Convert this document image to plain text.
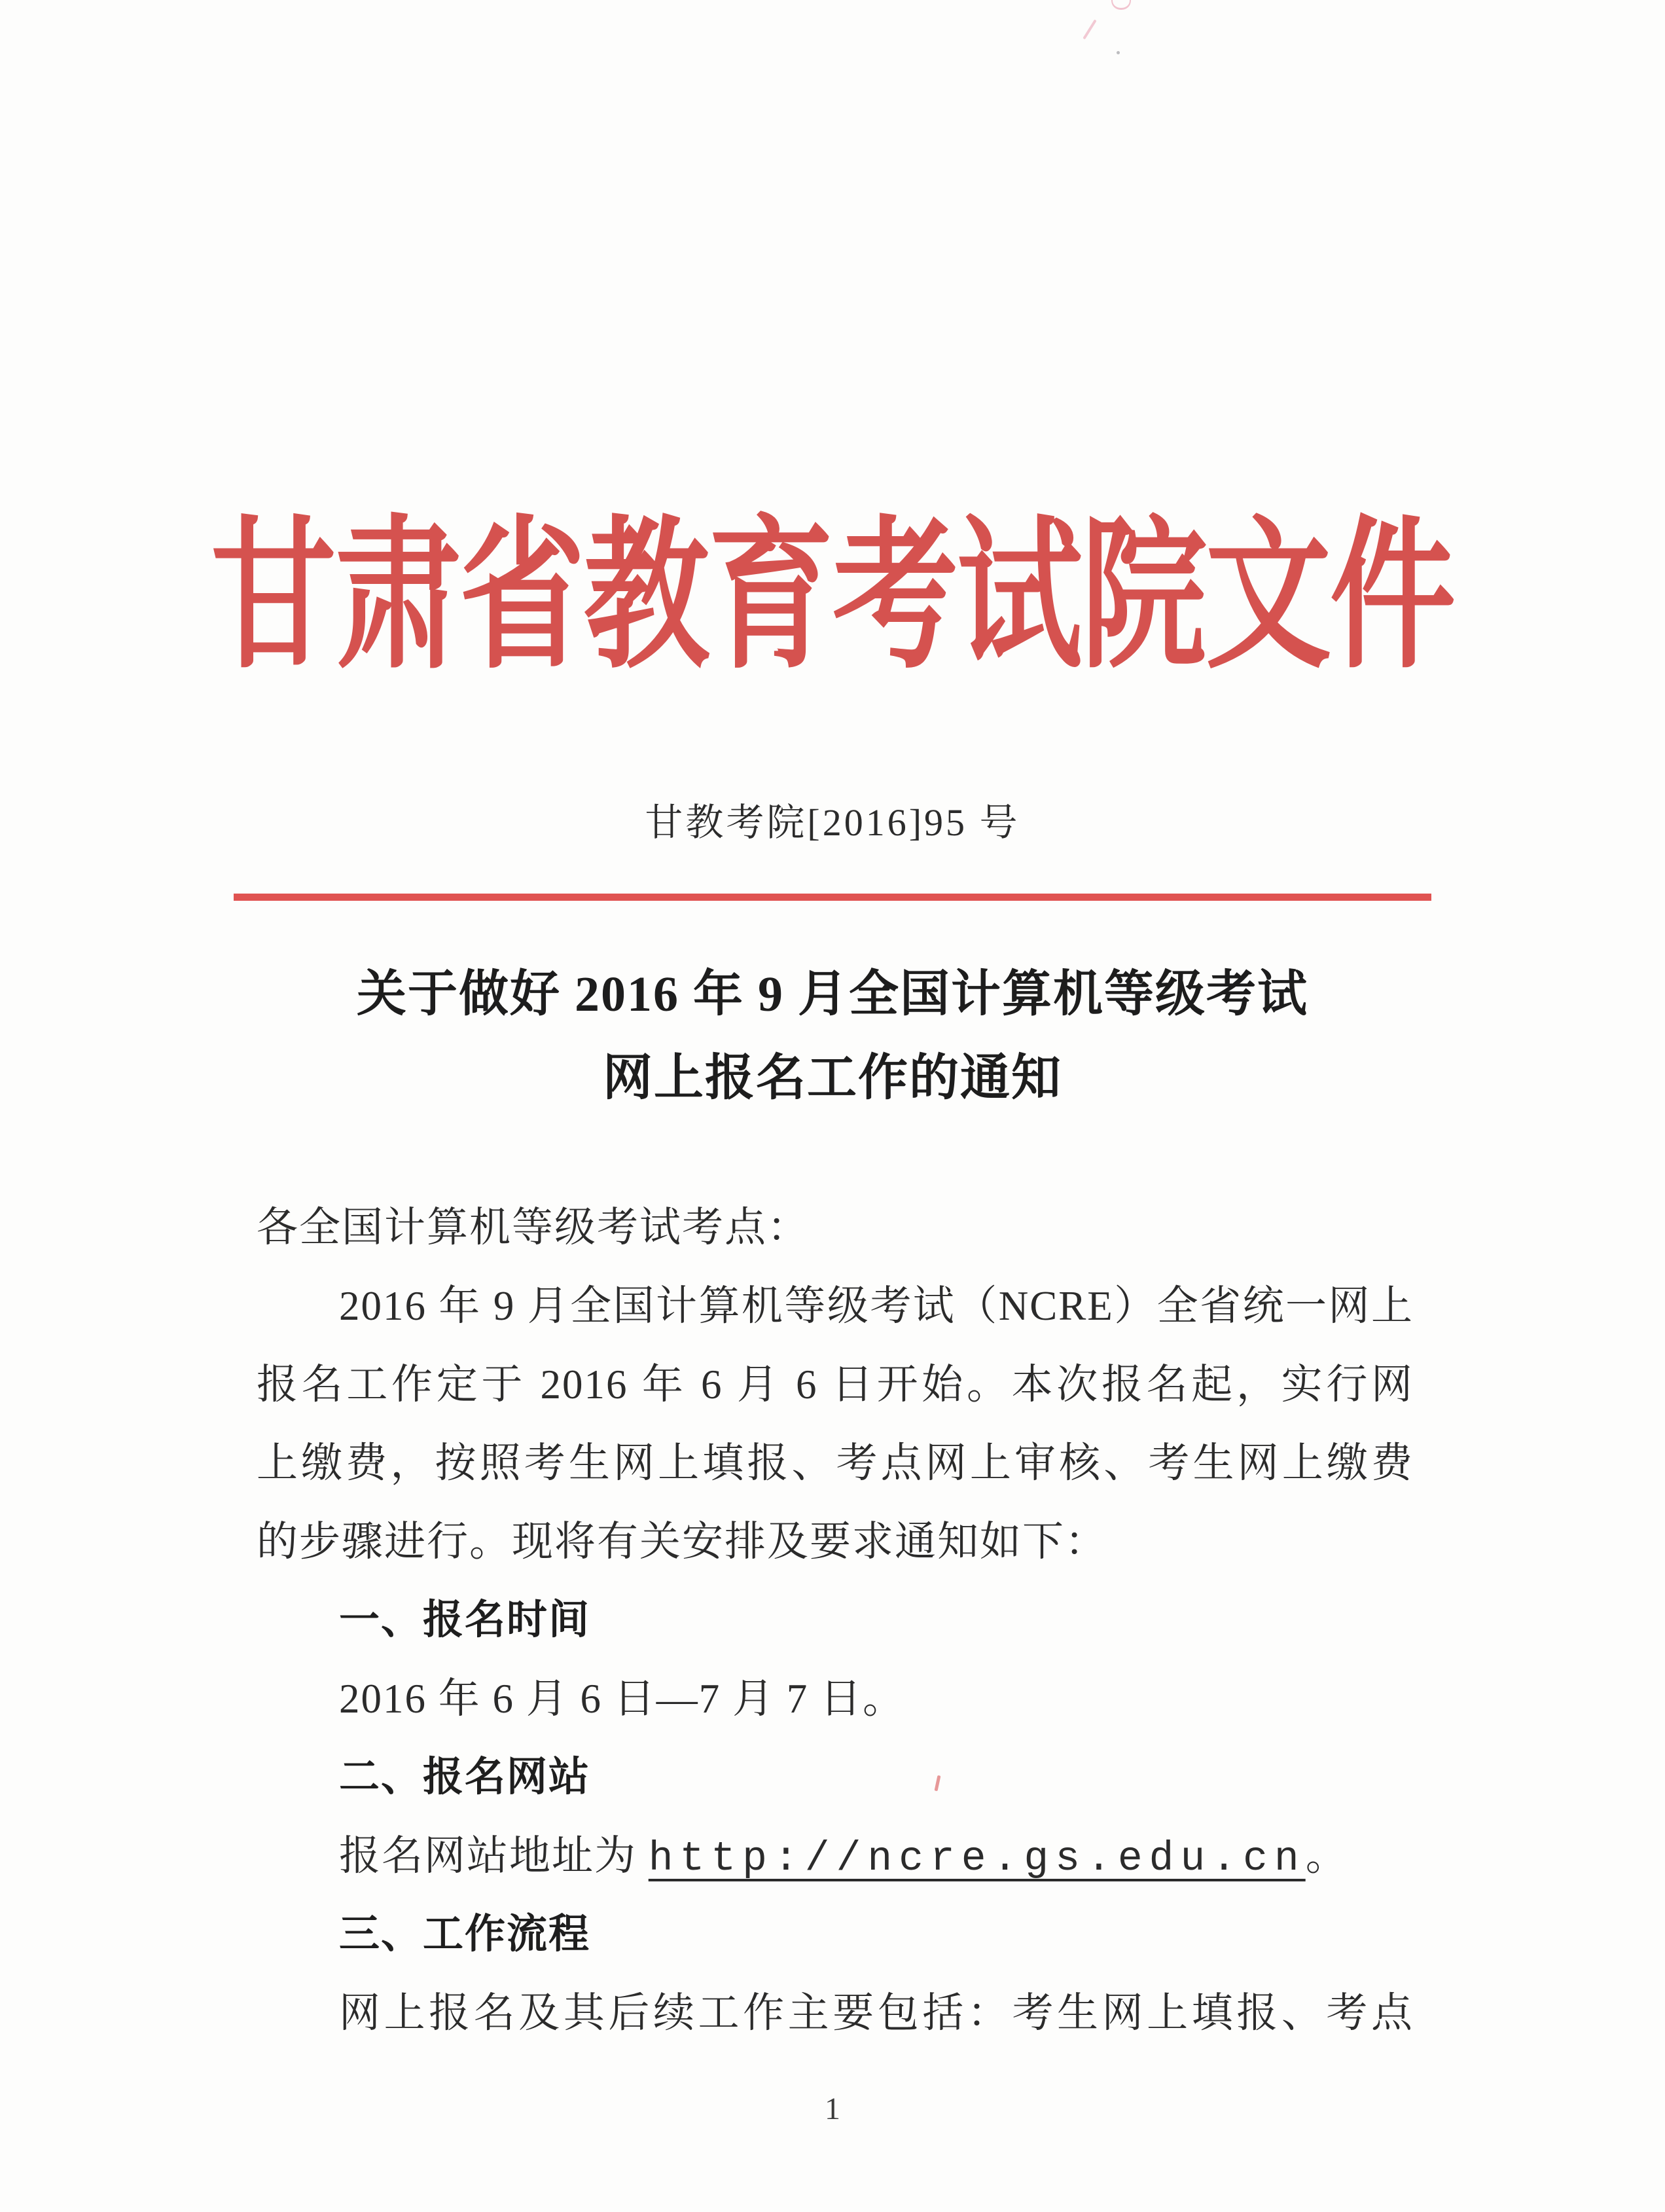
甘肃省教育考试院文件
甘教考院[2016]95 号
关于做好 2016 年 9 月全国计算机等级考试
网上报名工作的通知
各全国计算机等级考试考点：
2016 年 9 月全国计算机等级考试（NCRE）全省统一网上
报名工作定于 2016 年 6 月 6 日开始。本次报名起，实行网
上缴费，按照考生网上填报、考点网上审核、考生网上缴费
的步骤进行。现将有关安排及要求通知如下：
一、报名时间
2016 年 6 月 6 日—7 月 7 日。
二、报名网站
报名网站地址为 http://ncre.gs.edu.cn。
三、工作流程
网上报名及其后续工作主要包括：考生网上填报、考点
1
